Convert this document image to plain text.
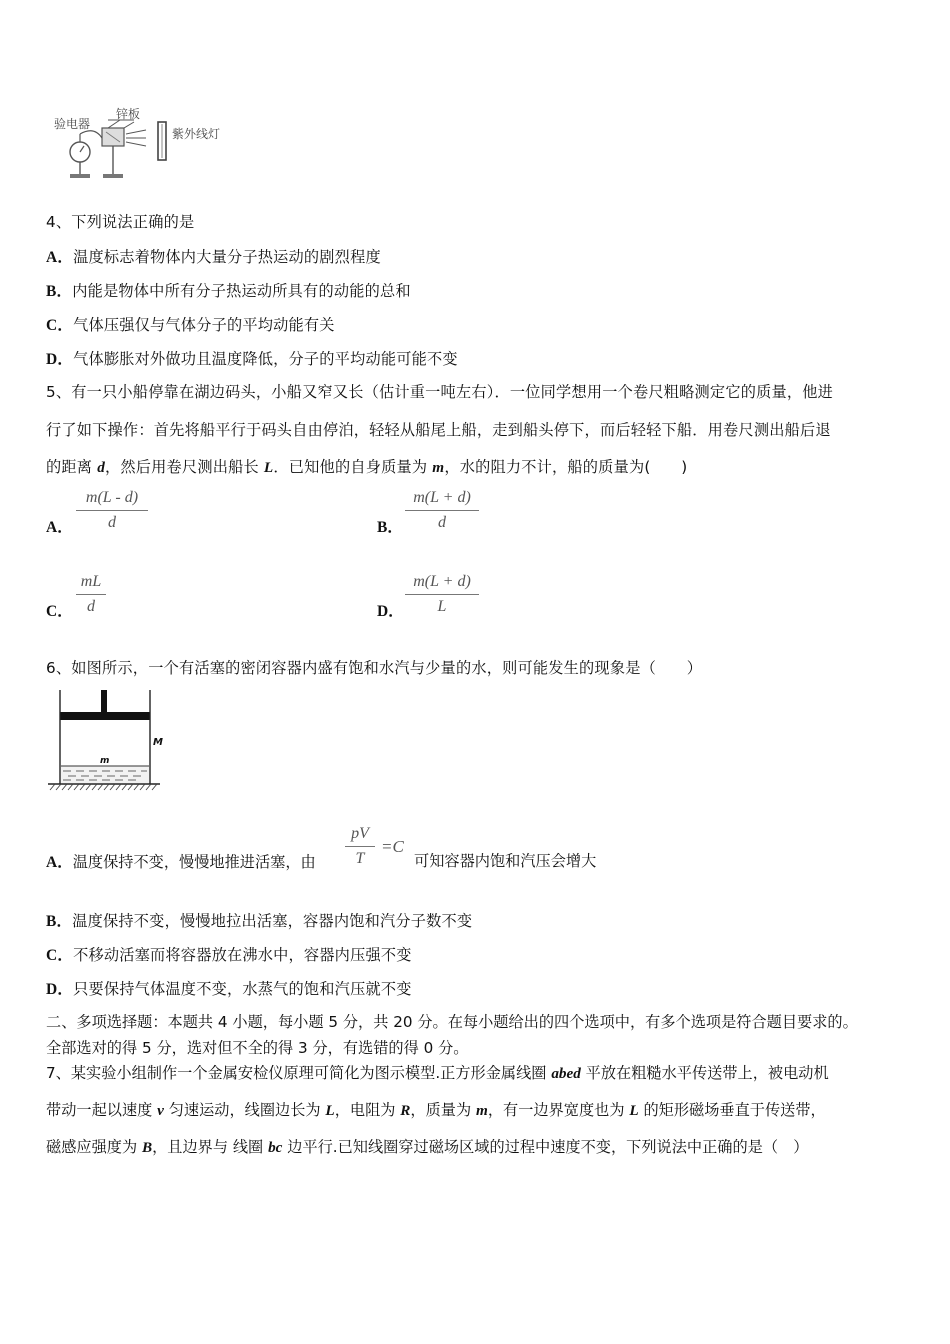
验电器
锌板
紫外线灯
4、下列说法正确的是
A．温度标志着物体内大量分子热运动的剧烈程度
B．内能是物体中所有分子热运动所具有的动能的总和
C．气体压强仅与气体分子的平均动能有关
D．气体膨胀对外做功且温度降低，分子的平均动能可能不变
5、有一只小船停靠在湖边码头，小船又窄又长（估计重一吨左右）．一位同学想用一个卷尺粗略测定它的质量，他进
行了如下操作：首先将船平行于码头自由停泊，轻轻从船尾上船，走到船头停下，而后轻轻下船．用卷尺测出船后退
的距离 d，然后用卷尺测出船长 L．已知他的自身质量为 m，水的阻力不计，船的质量为(　　)
A． $\frac{m(L - d)}{d}$	B． $\frac{m(L + d)}{d}$
C． $\frac{mL}{d}$	D． $\frac{m(L + d)}{L}$
6、如图所示，一个有活塞的密闭容器内盛有饱和水汽与少量的水，则可能发生的现象是（　　）
M
m
A．温度保持不变，慢慢地推进活塞，由 $\frac{pV}{T} =C$
可知容器内饱和汽压会增大
B．温度保持不变，慢慢地拉出活塞，容器内饱和汽分子数不变
C．不移动活塞而将容器放在沸水中，容器内压强不变
D．只要保持气体温度不变，水蒸气的饱和汽压就不变
二、多项选择题：本题共 4 小题，每小题 5 分，共 20 分。在每小题给出的四个选项中，有多个选项是符合题目要求的。
全部选对的得 5 分，选对但不全的得 3 分，有选错的得 0 分。
7、某实验小组制作一个金属安检仪原理可简化为图示模型.正方形金属线圈 abed 平放在粗糙水平传送带上，被电动机
带动一起以速度 v 匀速运动，线圈边长为 L，电阻为 R，质量为 m，有一边界宽度也为 L 的矩形磁场垂直于传送带，
磁感应强度为 B，且边界与 线圈 bc 边平行.已知线圈穿过磁场区域的过程中速度不变，下列说法中正确的是（　）
